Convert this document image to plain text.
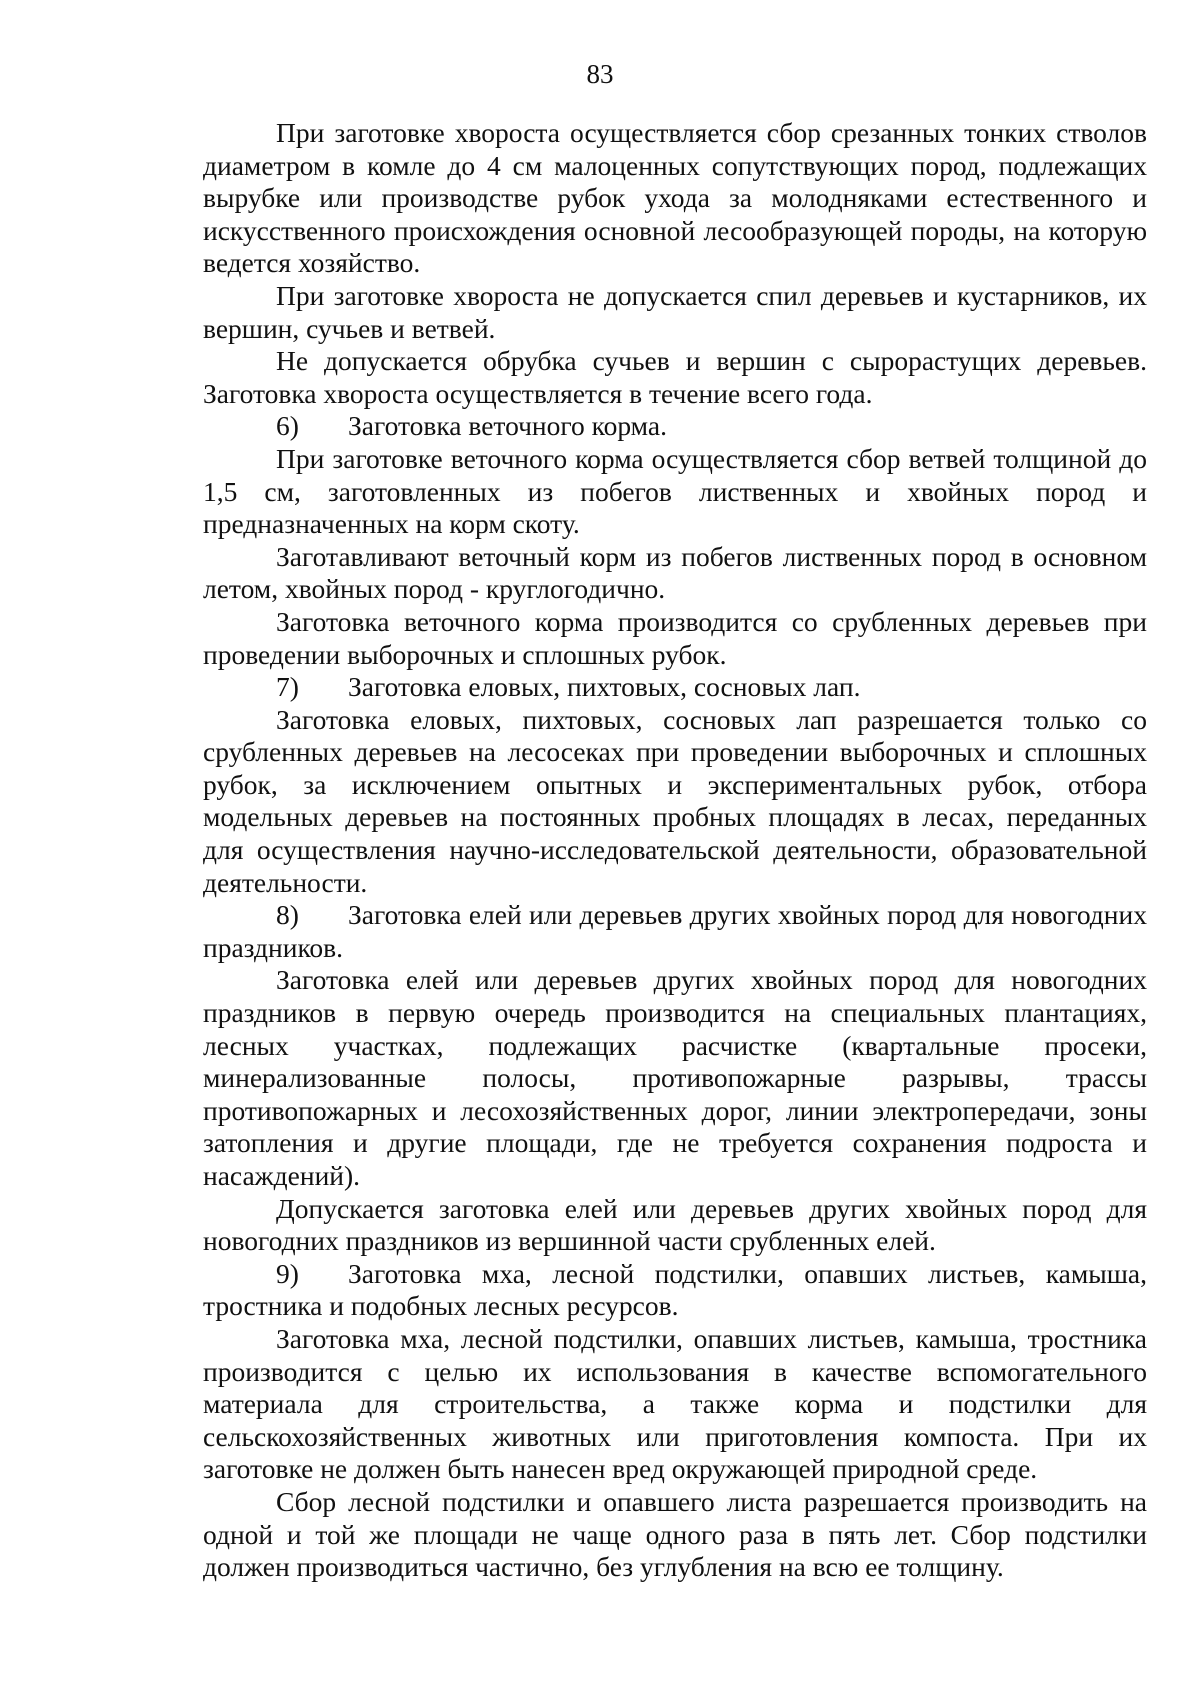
83

При заготовке хвороста осуществляется сбор срезанных тонких стволов диаметром в комле до 4 см малоценных сопутствующих пород, подлежащих вырубке или производстве рубок ухода за молодняками естественного и искусственного происхождения основной лесообразующей породы, на которую ведется хозяйство.

При заготовке хвороста не допускается спил деревьев и кустарников, их вершин, сучьев и ветвей.

Не допускается обрубка сучьев и вершин с сырорастущих деревьев. Заготовка хвороста осуществляется в течение всего года.

6) Заготовка веточного корма.

При заготовке веточного корма осуществляется сбор ветвей толщиной до 1,5 см, заготовленных из побегов лиственных и хвойных пород и предназначенных на корм скоту.

Заготавливают веточный корм из побегов лиственных пород в основном летом, хвойных пород - круглогодично.

Заготовка веточного корма производится со срубленных деревьев при проведении выборочных и сплошных рубок.

7) Заготовка еловых, пихтовых, сосновых лап.

Заготовка еловых, пихтовых, сосновых лап разрешается только со срубленных деревьев на лесосеках при проведении выборочных и сплошных рубок, за исключением опытных и экспериментальных рубок, отбора модельных деревьев на постоянных пробных площадях в лесах, переданных для осуществления научно-исследовательской деятельности, образовательной деятельности.

8) Заготовка елей или деревьев других хвойных пород для новогодних праздников.

Заготовка елей или деревьев других хвойных пород для новогодних праздников в первую очередь производится на специальных плантациях, лесных участках, подлежащих расчистке (квартальные просеки, минерализованные полосы, противопожарные разрывы, трассы противопожарных и лесохозяйственных дорог, линии электропередачи, зоны затопления и другие площади, где не требуется сохранения подроста и насаждений).

Допускается заготовка елей или деревьев других хвойных пород для новогодних праздников из вершинной части срубленных елей.

9) Заготовка мха, лесной подстилки, опавших листьев, камыша, тростника и подобных лесных ресурсов.

Заготовка мха, лесной подстилки, опавших листьев, камыша, тростника производится с целью их использования в качестве вспомогательного материала для строительства, а также корма и подстилки для сельскохозяйственных животных или приготовления компоста. При их заготовке не должен быть нанесен вред окружающей природной среде.

Сбор лесной подстилки и опавшего листа разрешается производить на одной и той же площади не чаще одного раза в пять лет. Сбор подстилки должен производиться частично, без углубления на всю ее толщину.
